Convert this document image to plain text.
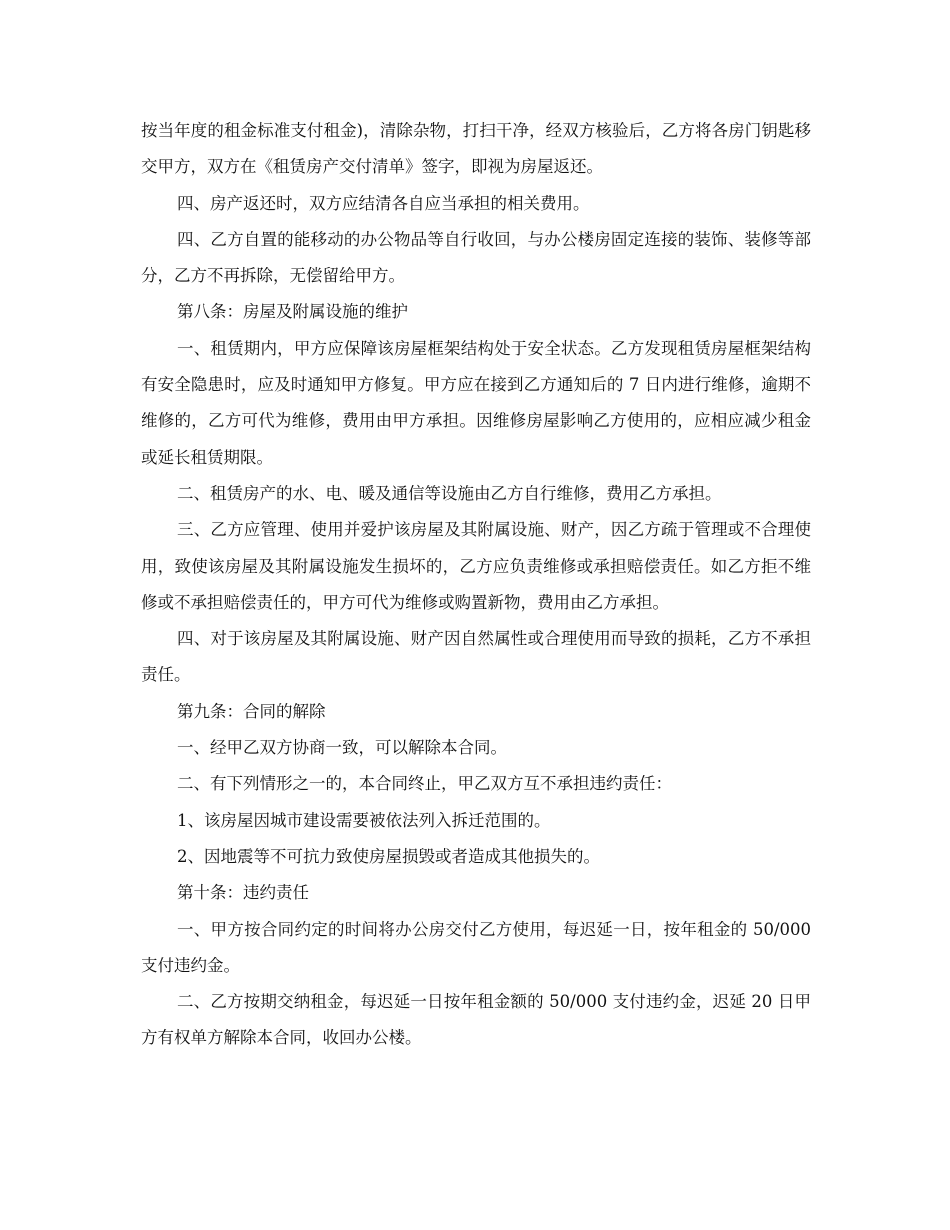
按当年度的租金标准支付租金)，清除杂物，打扫干净，经双方核验后，乙方将各房门钥匙移交甲方，双方在《租赁房产交付清单》签字，即视为房屋返还。

四、房产返还时，双方应结清各自应当承担的相关费用。

四、乙方自置的能移动的办公物品等自行收回，与办公楼房固定连接的装饰、装修等部分，乙方不再拆除，无偿留给甲方。

第八条：房屋及附属设施的维护

一、租赁期内，甲方应保障该房屋框架结构处于安全状态。乙方发现租赁房屋框架结构有安全隐患时，应及时通知甲方修复。甲方应在接到乙方通知后的 7 日内进行维修，逾期不维修的，乙方可代为维修，费用由甲方承担。因维修房屋影响乙方使用的，应相应减少租金或延长租赁期限。

二、租赁房产的水、电、暖及通信等设施由乙方自行维修，费用乙方承担。

三、乙方应管理、使用并爱护该房屋及其附属设施、财产，因乙方疏于管理或不合理使用，致使该房屋及其附属设施发生损坏的，乙方应负责维修或承担赔偿责任。如乙方拒不维修或不承担赔偿责任的，甲方可代为维修或购置新物，费用由乙方承担。

四、对于该房屋及其附属设施、财产因自然属性或合理使用而导致的损耗，乙方不承担责任。

第九条：合同的解除

一、经甲乙双方协商一致，可以解除本合同。

二、有下列情形之一的，本合同终止，甲乙双方互不承担违约责任：

1、该房屋因城市建设需要被依法列入拆迁范围的。

2、因地震等不可抗力致使房屋损毁或者造成其他损失的。

第十条：违约责任

一、甲方按合同约定的时间将办公房交付乙方使用，每迟延一日，按年租金的 50/000 支付违约金。

二、乙方按期交纳租金，每迟延一日按年租金额的 50/000 支付违约金，迟延 20 日甲方有权单方解除本合同，收回办公楼。
